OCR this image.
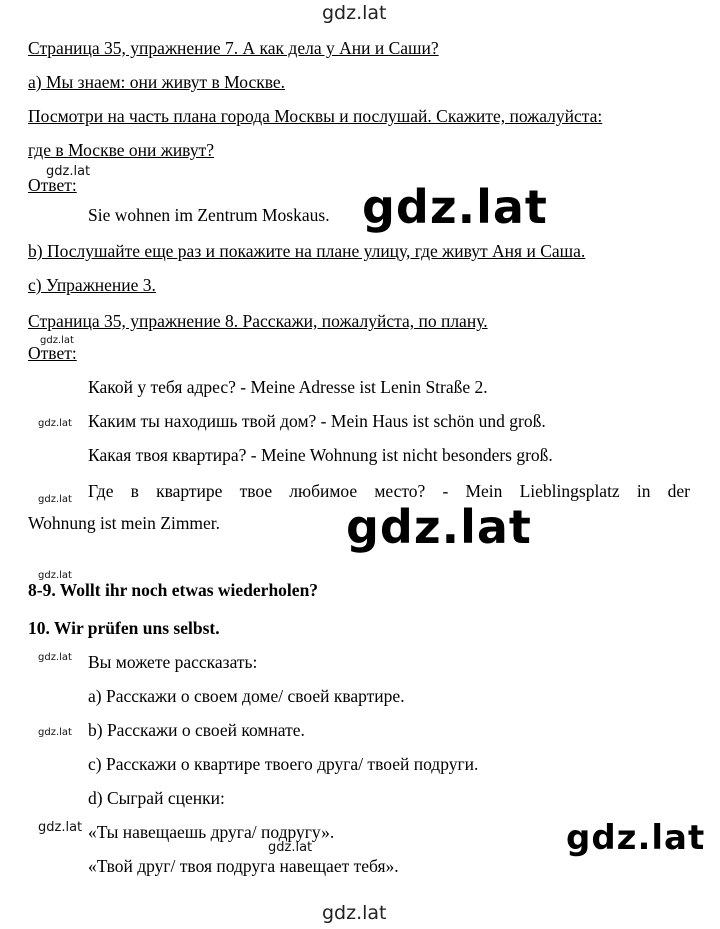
gdz.lat
Страница 35, упражнение 7. А как дела у Ани и Саши?
а) Мы знаем: они живут в Москве.
Посмотри на часть плана города Москвы и послушай. Скажите, пожалуйста:
где в Москве они живут?
gdz.lat
Ответ:
Sie wohnen im Zentrum Moskaus. gdz.lat
b) Послушайте еще раз и покажите на плане улицу, где живут Аня и Саша.
c) Упражнение 3.
Страница 35, упражнение 8. Расскажи, пожалуйста, по плану.
gdz.lat
Ответ:
Какой у тебя адрес? - Meine Adresse ist Lenin Straße 2.
gdz.lat Каким ты находишь твой дом? - Mein Haus ist schön und groß.
Какая твоя квартира? - Meine Wohnung ist nicht besonders groß.
gdz.lat Где в квартире твое любимое место? - Mein Lieblingsplatz in der
Wohnung ist mein Zimmer.	gdz.lat
gdz.lat
8-9. Wollt ihr noch etwas wiederholen?
10. Wir prüfen uns selbst.
gdz.lat Вы можете рассказать:
а) Расскажи о своем доме/ своей квартире.
gdz.lat b) Расскажи о своей комнате.
с) Расскажи о квартире твоего друга/ твоей подруги.
d) Сыграй сценки:
gdz.lat «Ты навещаешь друга/ подругу».
gdz.lat
«Твой друг/ твоя подруга навещает тебя».
gdz.lat
gdz.lat
